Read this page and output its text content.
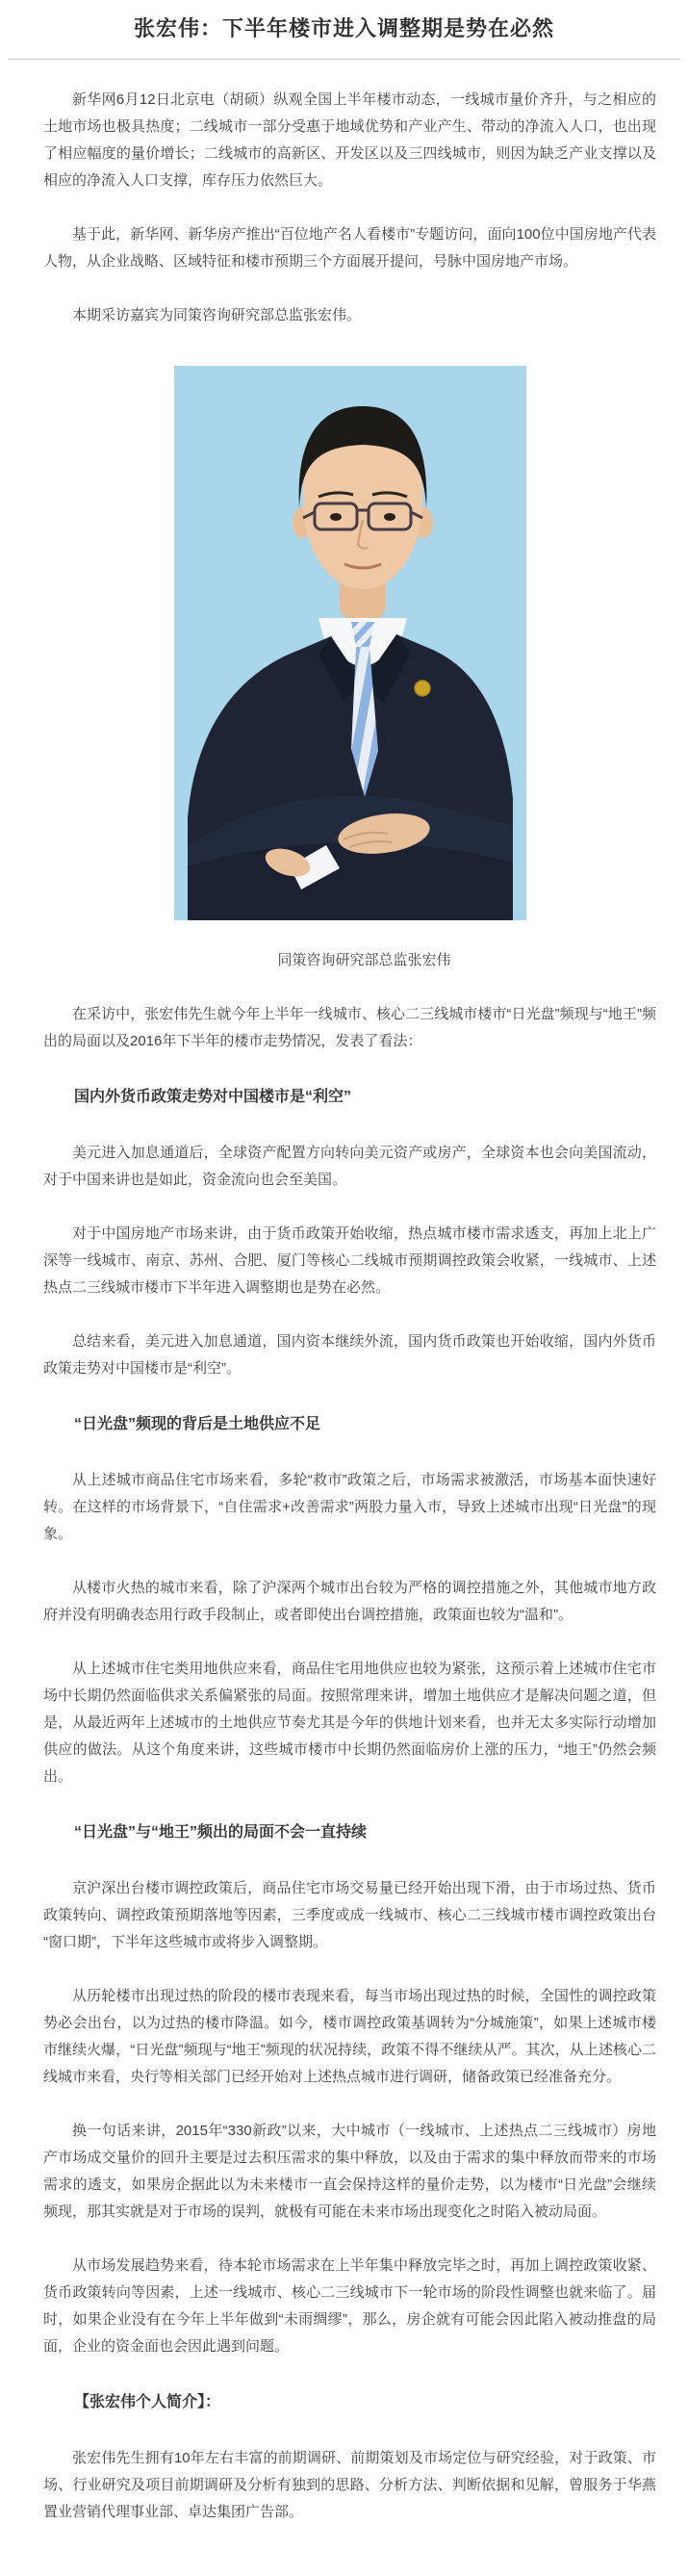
张宏伟：下半年楼市进入调整期是势在必然

新华网6月12日北京电（胡硕）纵观全国上半年楼市动态，一线城市量价齐升，与之相应的土地市场也极具热度；二线城市一部分受惠于地域优势和产业产生、带动的净流入人口，也出现了相应幅度的量价增长；二线城市的高新区、开发区以及三四线城市，则因为缺乏产业支撑以及相应的净流入人口支撑，库存压力依然巨大。

基于此，新华网、新华房产推出“百位地产名人看楼市”专题访问，面向100位中国房地产代表人物，从企业战略、区域特征和楼市预期三个方面展开提问，号脉中国房地产市场。

本期采访嘉宾为同策咨询研究部总监张宏伟。

同策咨询研究部总监张宏伟

在采访中，张宏伟先生就今年上半年一线城市、核心二三线城市楼市“日光盘”频现与“地王”频出的局面以及2016年下半年的楼市走势情况，发表了看法：

国内外货币政策走势对中国楼市是“利空”

美元进入加息通道后，全球资产配置方向转向美元资产或房产，全球资本也会向美国流动，对于中国来讲也是如此，资金流向也会至美国。

对于中国房地产市场来讲，由于货币政策开始收缩，热点城市楼市需求透支，再加上北上广深等一线城市、南京、苏州、合肥、厦门等核心二线城市预期调控政策会收紧，一线城市、上述热点二三线城市楼市下半年进入调整期也是势在必然。

总结来看，美元进入加息通道，国内资本继续外流，国内货币政策也开始收缩，国内外货币政策走势对中国楼市是“利空”。

“日光盘”频现的背后是土地供应不足

从上述城市商品住宅市场来看，多轮“救市”政策之后，市场需求被激活，市场基本面快速好转。在这样的市场背景下，“自住需求+改善需求”两股力量入市，导致上述城市出现“日光盘”的现象。

从楼市火热的城市来看，除了沪深两个城市出台较为严格的调控措施之外，其他城市地方政府并没有明确表态用行政手段制止，或者即使出台调控措施，政策面也较为“温和”。

从上述城市住宅类用地供应来看，商品住宅用地供应也较为紧张，这预示着上述城市住宅市场中长期仍然面临供求关系偏紧张的局面。按照常理来讲，增加土地供应才是解决问题之道，但是，从最近两年上述城市的土地供应节奏尤其是今年的供地计划来看，也并无太多实际行动增加供应的做法。从这个角度来讲，这些城市楼市中长期仍然面临房价上涨的压力，“地王”仍然会频出。

“日光盘”与“地王”频出的局面不会一直持续

京沪深出台楼市调控政策后，商品住宅市场交易量已经开始出现下滑，由于市场过热、货币政策转向、调控政策预期落地等因素，三季度或成一线城市、核心二三线城市楼市调控政策出台“窗口期”，下半年这些城市或将步入调整期。

从历轮楼市出现过热的阶段的楼市表现来看，每当市场出现过热的时候，全国性的调控政策势必会出台，以为过热的楼市降温。如今，楼市调控政策基调转为“分城施策”，如果上述城市楼市继续火爆，“日光盘”频现与“地王”频现的状况持续，政策不得不继续从严。其次，从上述核心二线城市来看，央行等相关部门已经开始对上述热点城市进行调研，储备政策已经准备充分。

换一句话来讲，2015年“330新政”以来，大中城市（一线城市、上述热点二三线城市）房地产市场成交量价的回升主要是过去积压需求的集中释放，以及由于需求的集中释放而带来的市场需求的透支，如果房企据此以为未来楼市一直会保持这样的量价走势，以为楼市“日光盘”会继续频现，那其实就是对于市场的误判，就极有可能在未来市场出现变化之时陷入被动局面。

从市场发展趋势来看，待本轮市场需求在上半年集中释放完毕之时，再加上调控政策收紧、货币政策转向等因素，上述一线城市、核心二三线城市下一轮市场的阶段性调整也就来临了。届时，如果企业没有在今年上半年做到“未雨绸缪”，那么，房企就有可能会因此陷入被动推盘的局面，企业的资金面也会因此遇到问题。

【张宏伟个人简介】：

张宏伟先生拥有10年左右丰富的前期调研、前期策划及市场定位与研究经验，对于政策、市场、行业研究及项目前期调研及分析有独到的思路、分析方法、判断依据和见解，曾服务于华燕置业营销代理事业部、卓达集团广告部。
